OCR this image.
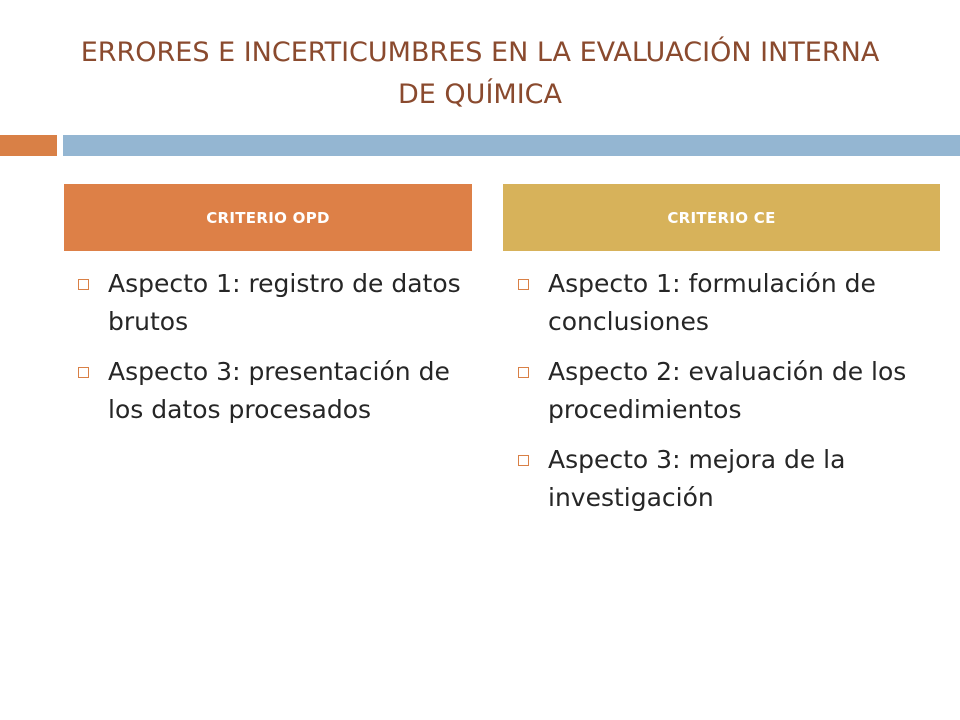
ERRORES E INCERTICUMBRES EN LA EVALUACIÓN INTERNA DE QUÍMICA
CRITERIO OPD	CRITERIO CE
Aspecto 1: registro de datos brutos
Aspecto 3: presentación de los datos procesados
Aspecto 1: formulación de conclusiones
Aspecto 2: evaluación de los procedimientos
Aspecto 3: mejora de la investigación
